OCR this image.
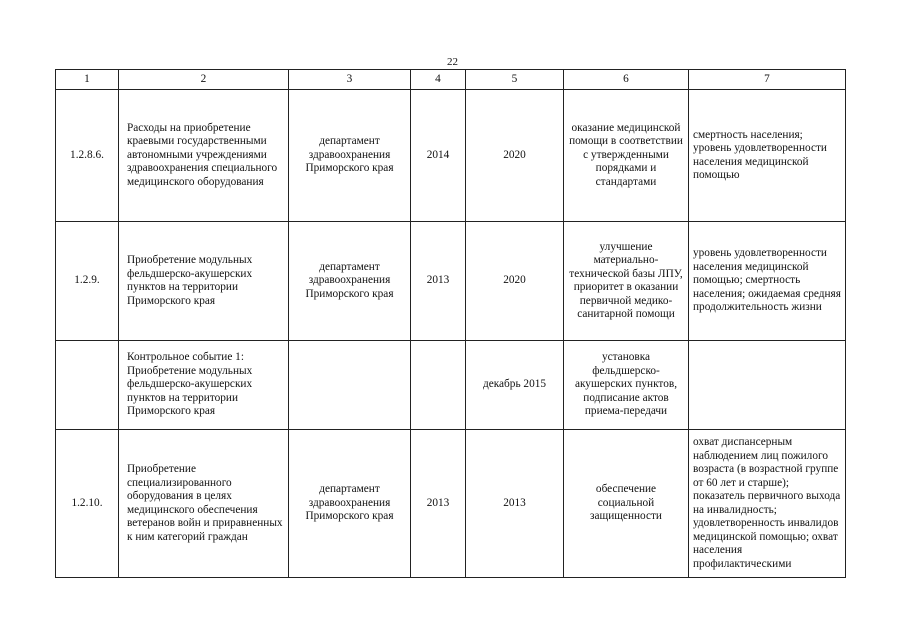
22
1	2	3	4	5	6	7
1.2.8.6.	Расходы на приобретение краевыми государственными автономными учреждениями здравоохранения специального медицинского оборудования	департамент здравоохранения Приморского края	2014	2020	оказание медицинской помощи в соответствии с утвержденными порядками и стандартами	смертность населения; уровень удовлетворенности населения медицинской помощью
1.2.9.	Приобретение модульных фельдшерско-акушерских пунктов на территории Приморского края	департамент здравоохранения Приморского края	2013	2020	улучшение материально-технической базы ЛПУ, приоритет в оказании первичной медико-санитарной помощи	уровень удовлетворенности населения медицинской помощью; смертность населения; ожидаемая средняя продолжительность жизни
	Контрольное событие 1: Приобретение модульных фельдшерско-акушерских пунктов на территории Приморского края			декабрь 2015	установка фельдшерско-акушерских пунктов, подписание актов приема-передачи	
1.2.10.	Приобретение специализированного оборудования в целях медицинского обеспечения ветеранов войн и приравненных к ним категорий граждан	департамент здравоохранения Приморского края	2013	2013	обеспечение социальной защищенности	охват диспансерным наблюдением лиц пожилого возраста (в возрастной группе от 60 лет и старше); показатель первичного выхода на инвалидность; удовлетворенность инвалидов медицинской помощью; охват населения профилактическими
